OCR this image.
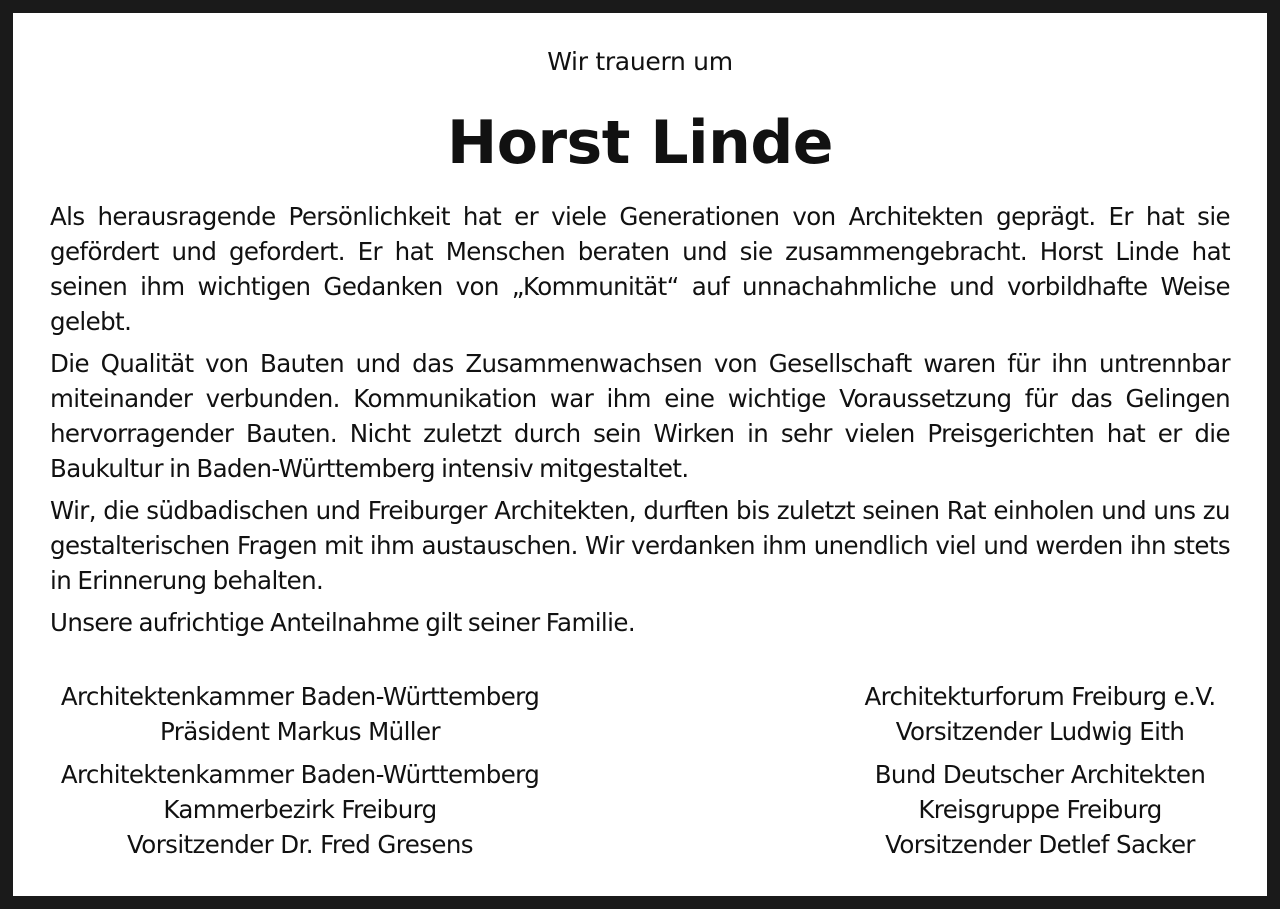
Wir trauern um
Horst Linde

Als herausragende Persönlichkeit hat er viele Generationen von Architekten geprägt. Er hat sie gefördert und gefordert. Er hat Menschen beraten und sie zusammengebracht. Horst Linde hat seinen ihm wichtigen Gedanken von „Kommunität“ auf unnachahmliche und vorbildhafte Weise gelebt.

Die Qualität von Bauten und das Zusammenwachsen von Gesellschaft waren für ihn untrennbar miteinander verbunden. Kommunikation war ihm eine wichtige Voraussetzung für das Gelingen hervorragender Bauten. Nicht zuletzt durch sein Wirken in sehr vielen Preisgerichten hat er die Baukultur in Baden-Württemberg intensiv mitgestaltet.

Wir, die südbadischen und Freiburger Architekten, durften bis zuletzt seinen Rat einholen und uns zu gestalterischen Fragen mit ihm austauschen. Wir verdanken ihm unendlich viel und werden ihn stets in Erinnerung behalten.

Unsere aufrichtige Anteilnahme gilt seiner Familie.

Architektenkammer Baden-Württemberg
Präsident Markus Müller
Architektenkammer Baden-Württemberg
Kammerbezirk Freiburg
Vorsitzender Dr. Fred Gresens
Architekturforum Freiburg e.V.
Vorsitzender Ludwig Eith
Bund Deutscher Architekten
Kreisgruppe Freiburg
Vorsitzender Detlef Sacker
